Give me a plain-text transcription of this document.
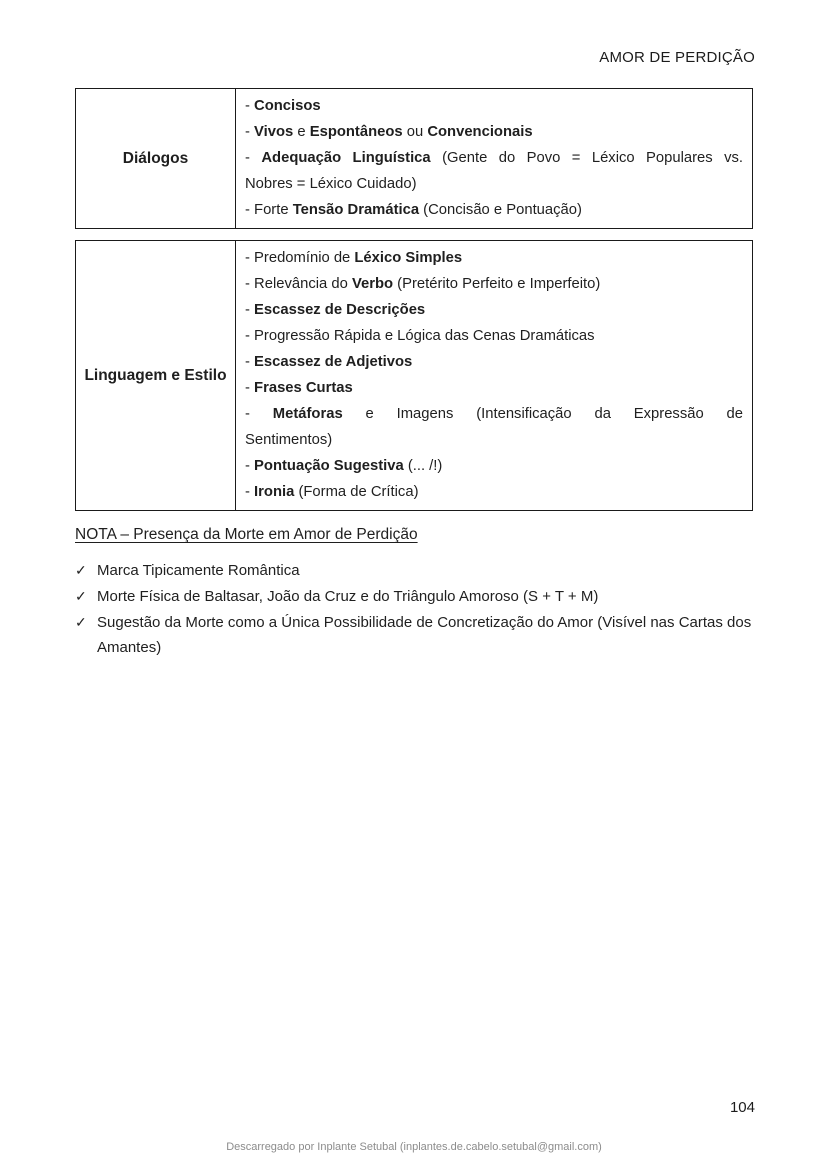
AMOR DE PERDIÇÃO
Diálogos
- Concisos
- Vivos e Espontâneos ou Convencionais
- Adequação Linguística (Gente do Povo = Léxico Populares vs.
Nobres = Léxico Cuidado)
- Forte Tensão Dramática (Concisão e Pontuação)
Linguagem e Estilo
- Predomínio de Léxico Simples
- Relevância do Verbo (Pretérito Perfeito e Imperfeito)
- Escassez de Descrições
- Progressão Rápida e Lógica das Cenas Dramáticas
- Escassez de Adjetivos
- Frases Curtas
- Metáforas e Imagens (Intensificação da Expressão de
Sentimentos)
- Pontuação Sugestiva (... /!)
- Ironia (Forma de Crítica)
NOTA – Presença da Morte em Amor de Perdição
✓ Marca Tipicamente Romântica
✓ Morte Física de Baltasar, João da Cruz e do Triângulo Amoroso (S + T + M)
✓ Sugestão da Morte como a Única Possibilidade de Concretização do Amor (Visível nas Cartas dos Amantes)
104
Descarregado por Inplante Setubal (inplantes.de.cabelo.setubal@gmail.com)
